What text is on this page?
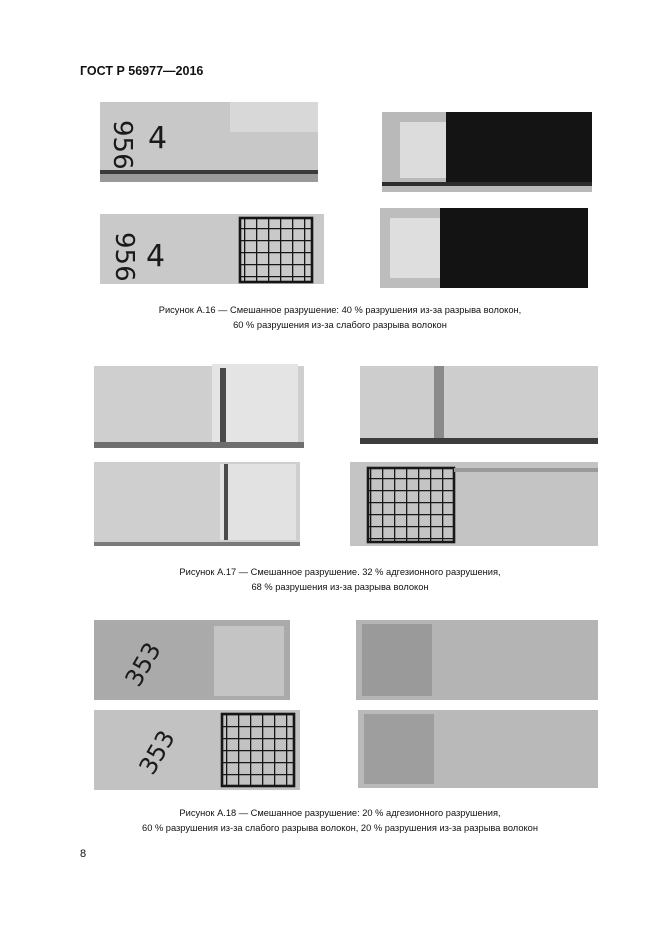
ГОСТ Р 56977—2016
956 4
956 4
Рисунок А.16 — Смешанное разрушение: 40 % разрушения из-за разрыва волокон,
60 % разрушения из-за слабого разрыва волокон
Рисунок А.17 — Смешанное разрушение. 32 % адгезионного разрушения,
68 % разрушения из-за разрыва волокон
353
353
Рисунок А.18 — Смешанное разрушение: 20 % адгезионного разрушения,
60 % разрушения из-за слабого разрыва волокон, 20 % разрушения из-за разрыва волокон
8
